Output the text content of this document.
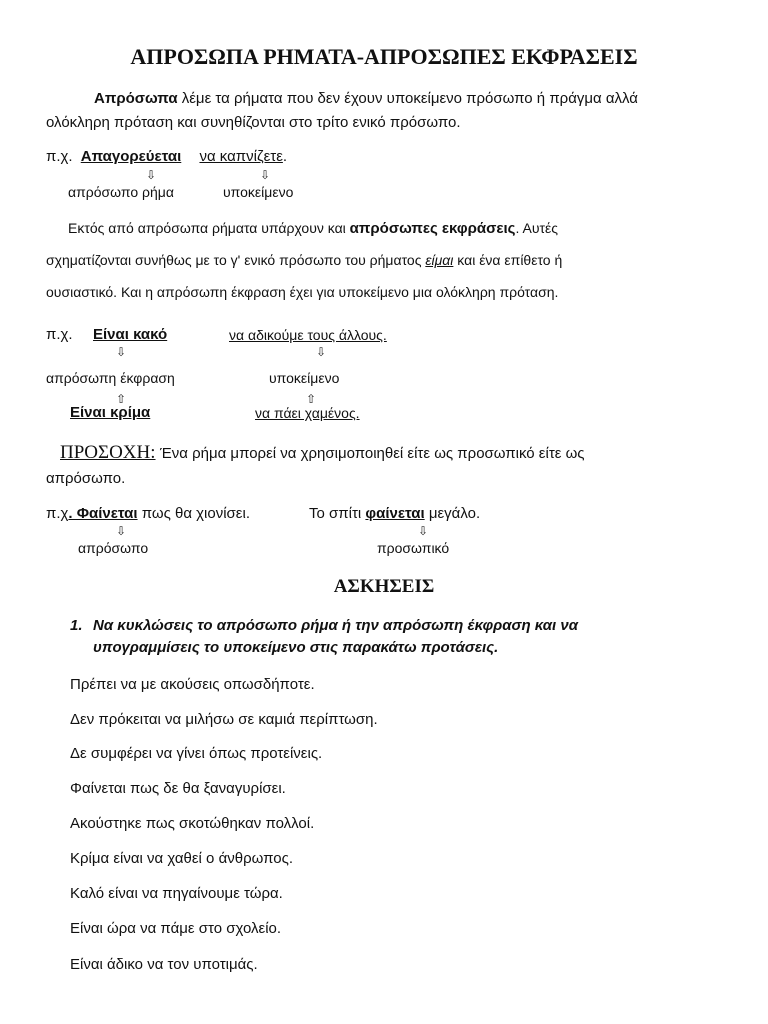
ΑΠΡΟΣΩΠΑ ΡΗΜΑΤΑ-ΑΠΡΟΣΩΠΕΣ ΕΚΦΡΑΣΕΙΣ
Απρόσωπα λέμε τα ρήματα που δεν έχουν υποκείμενο πρόσωπο ή πράγμα αλλά
ολόκληρη πρόταση και συνηθίζονται στο τρίτο ενικό πρόσωπο.
π.χ. Απαγορεύεται να καπνίζετε.
⇩	⇩
απρόσωπο ρήμα	υποκείμενο
Εκτός από απρόσωπα ρήματα υπάρχουν και απρόσωπες εκφράσεις. Αυτές
σχηματίζονται συνήθως με το γ' ενικό πρόσωπο του ρήματος είμαι και ένα επίθετο ή
ουσιαστικό. Και η απρόσωπη έκφραση έχει για υποκείμενο μια ολόκληρη πρόταση.
π.χ. Είναι κακό	να αδικούμε τους άλλους.
⇩	⇩
απρόσωπη έκφραση	υποκείμενο
⇧	⇧
Είναι κρίμα	να πάει χαμένος.
ΠΡΟΣΟΧΗ: Ένα ρήμα μπορεί να χρησιμοποιηθεί είτε ως προσωπικό είτε ως
απρόσωπο.
π.χ. Φαίνεται πως θα χιονίσει.	Το σπίτι φαίνεται μεγάλο.
⇩	⇩
απρόσωπο	προσωπικό
ΑΣΚΗΣΕΙΣ
1. Να κυκλώσεις το απρόσωπο ρήμα ή την απρόσωπη έκφραση και να
υπογραμμίσεις το υποκείμενο στις παρακάτω προτάσεις.
Πρέπει να με ακούσεις οπωσδήποτε.
Δεν πρόκειται να μιλήσω σε καμιά περίπτωση.
Δε συμφέρει να γίνει όπως προτείνεις.
Φαίνεται πως δε θα ξαναγυρίσει.
Ακούστηκε πως σκοτώθηκαν πολλοί.
Κρίμα είναι να χαθεί ο άνθρωπος.
Καλό είναι να πηγαίνουμε τώρα.
Είναι ώρα να πάμε στο σχολείο.
Είναι άδικο να τον υποτιμάς.
